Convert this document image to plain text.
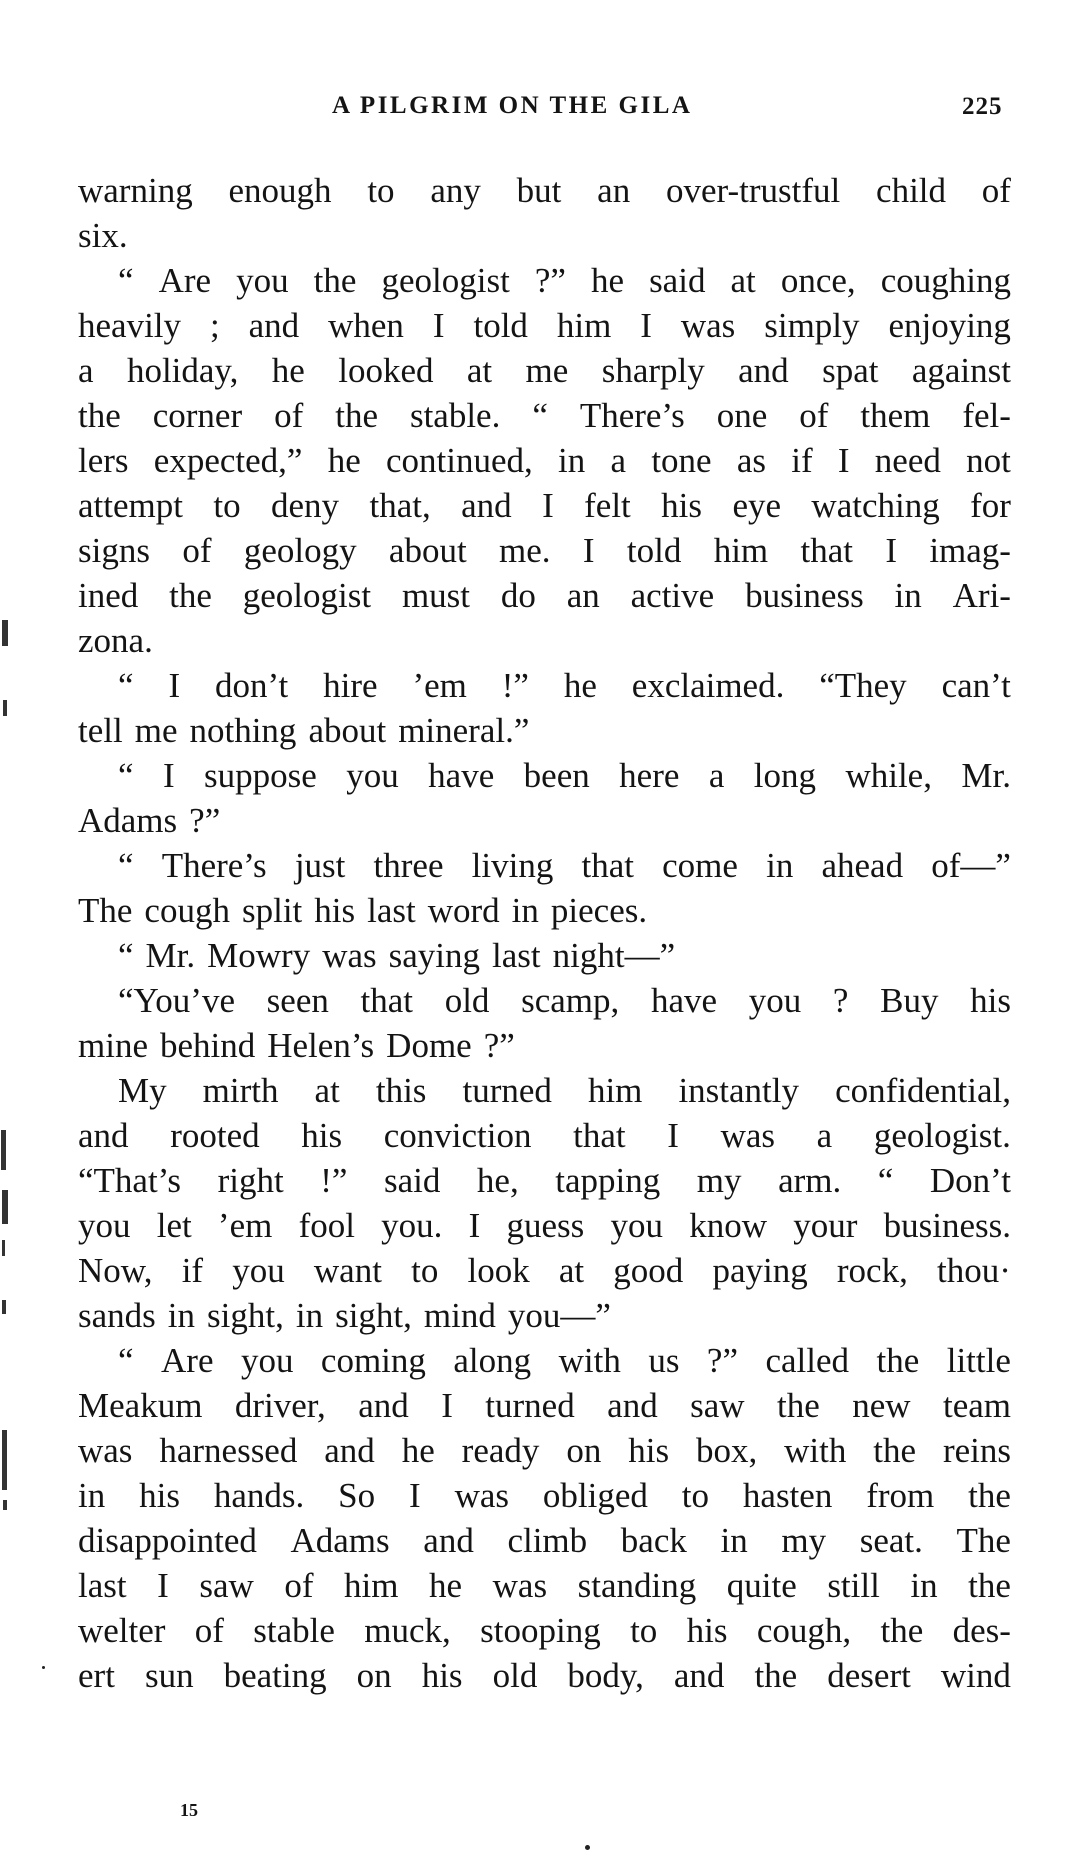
A PILGRIM ON THE GILA	225
warning enough to any but an over-trustful child of
six.
“ Are you the geologist ?” he said at once, coughing
heavily ; and when I told him I was simply enjoying
a holiday, he looked at me sharply and spat against
the corner of the stable. “ There’s one of them fel-
lers expected,” he continued, in a tone as if I need not
attempt to deny that, and I felt his eye watching for
signs of geology about me. I told him that I imag-
ined the geologist must do an active business in Ari-
zona.
“ I don’t hire ’em !” he exclaimed. “They can’t
tell me nothing about mineral.”
“ I suppose you have been here a long while, Mr.
Adams ?”
“ There’s just three living that come in ahead of—”
The cough split his last word in pieces.
“ Mr. Mowry was saying last night—”
“You’ve seen that old scamp, have you ? Buy his
mine behind Helen’s Dome ?”
My mirth at this turned him instantly confidential,
and rooted his conviction that I was a geologist.
“That’s right !” said he, tapping my arm. “ Don’t
you let ’em fool you. I guess you know your business.
Now, if you want to look at good paying rock, thou·
sands in sight, in sight, mind you—”
“ Are you coming along with us ?” called the little
Meakum driver, and I turned and saw the new team
was harnessed and he ready on his box, with the reins
in his hands. So I was obliged to hasten from the
disappointed Adams and climb back in my seat. The
last I saw of him he was standing quite still in the
welter of stable muck, stooping to his cough, the des-
ert sun beating on his old body, and the desert wind
15
